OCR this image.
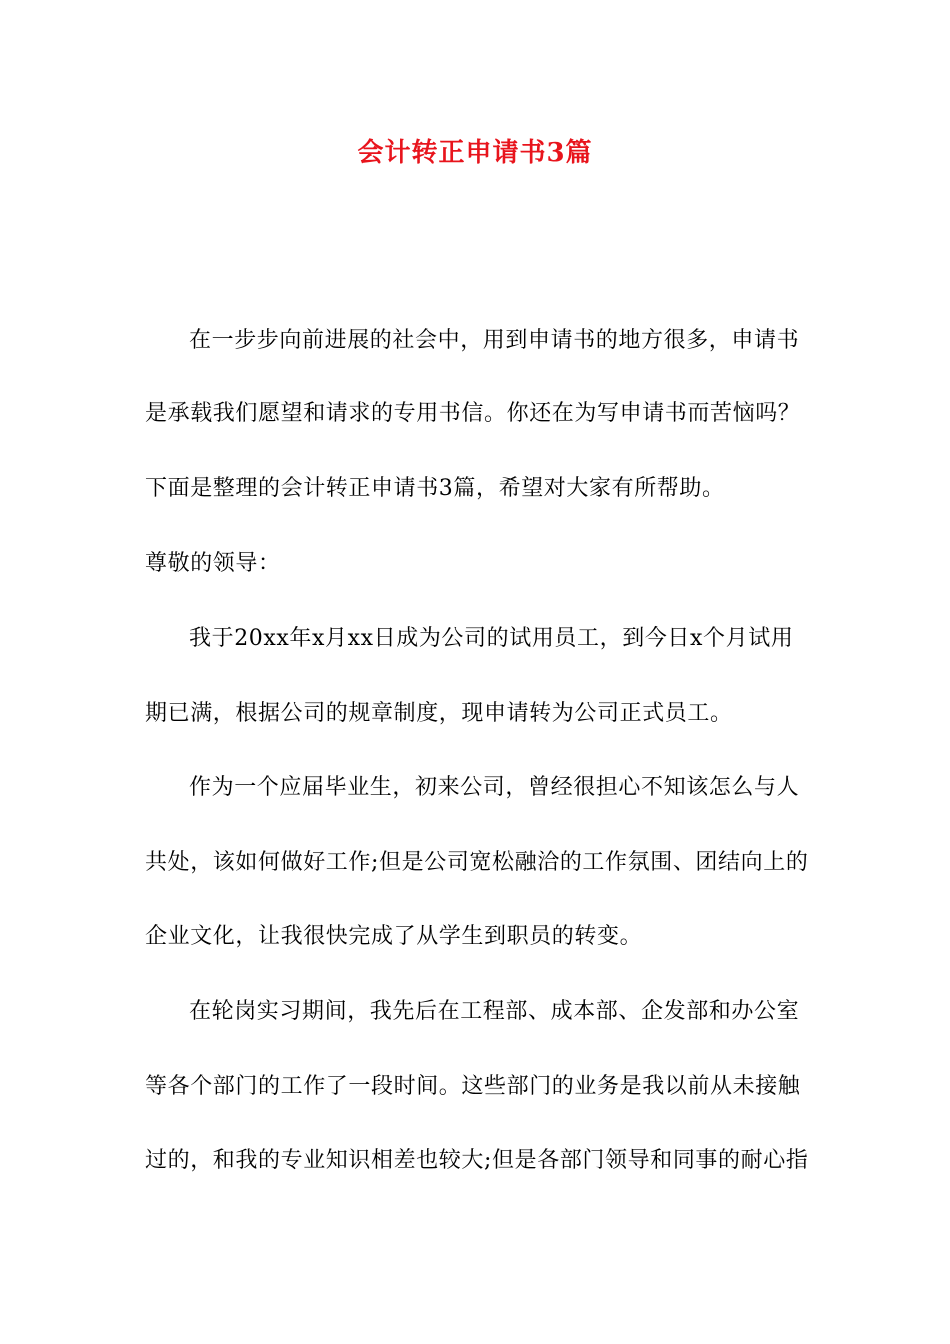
会计转正申请书3篇
在一步步向前进展的社会中，用到申请书的地方很多，申请书
是承载我们愿望和请求的专用书信。你还在为写申请书而苦恼吗？
下面是整理的会计转正申请书3篇，希望对大家有所帮助。
尊敬的领导：
我于20xx年x月xx日成为公司的试用员工，到今日x个月试用
期已满，根据公司的规章制度，现申请转为公司正式员工。
作为一个应届毕业生，初来公司，曾经很担心不知该怎么与人
共处，该如何做好工作;但是公司宽松融洽的工作氛围、团结向上的
企业文化，让我很快完成了从学生到职员的转变。
在轮岗实习期间，我先后在工程部、成本部、企发部和办公室
等各个部门的工作了一段时间。这些部门的业务是我以前从未接触
过的，和我的专业知识相差也较大;但是各部门领导和同事的耐心指
